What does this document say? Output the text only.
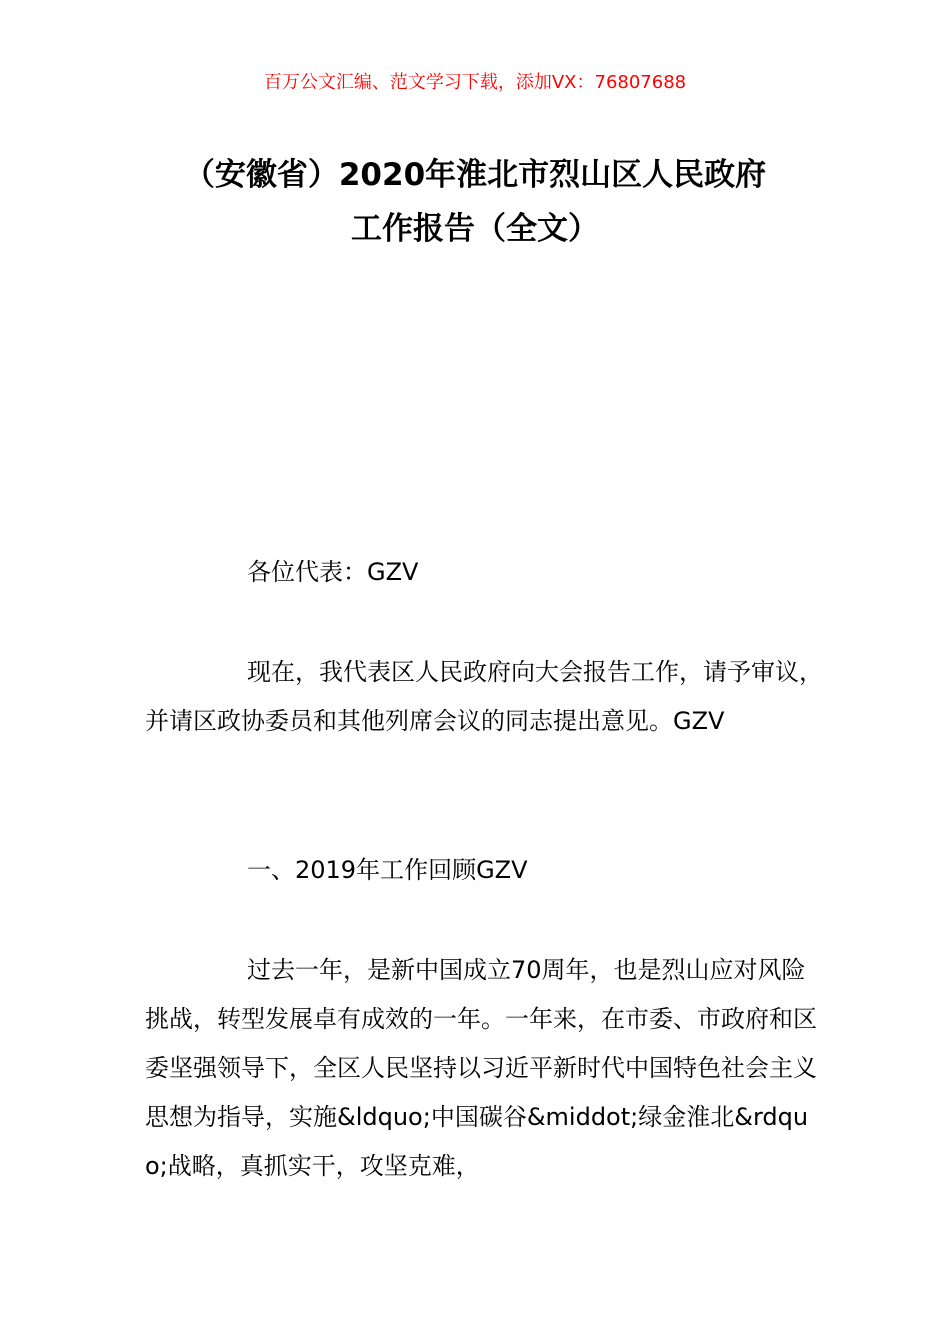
百万公文汇编、范文学习下载，添加VX：76807688
（安徽省）2020年淮北市烈山区人民政府
工作报告（全文）
各位代表：GZV

现在，我代表区人民政府向大会报告工作，请予审议，并请区政协委员和其他列席会议的同志提出意见。GZV

一、2019年工作回顾GZV

过去一年，是新中国成立70周年，也是烈山应对风险挑战，转型发展卓有成效的一年。一年来，在市委、市政府和区委坚强领导下，全区人民坚持以习近平新时代中国特色社会主义思想为指导，实施&ldquo;中国碳谷&middot;绿金淮北&rdquo;战略，真抓实干，攻坚克难，
